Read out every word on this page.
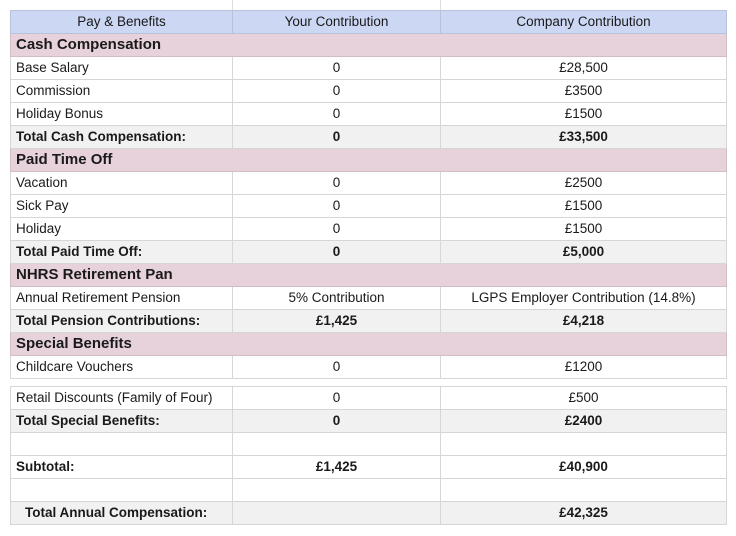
Pay & Benefits	Your Contribution	Company Contribution
Cash Compensation		
Base Salary	0	£28,500
Commission	0	£3500
Holiday Bonus	0	£1500
Total Cash Compensation:	0	£33,500
Paid Time Off		
Vacation	0	£2500
Sick Pay	0	£1500
Holiday	0	£1500
Total Paid Time Off:	0	£5,000
NHRS Retirement Pan		
Annual Retirement Pension	5% Contribution	LGPS Employer Contribution (14.8%)
Total Pension Contributions:	£1,425	£4,218
Special Benefits		
Childcare Vouchers	0	£1200
Retail Discounts (Family of Four)	0	£500
Total Special Benefits:	0	£2400

Subtotal:	£1,425	£40,900

Total Annual Compensation:		£42,325
